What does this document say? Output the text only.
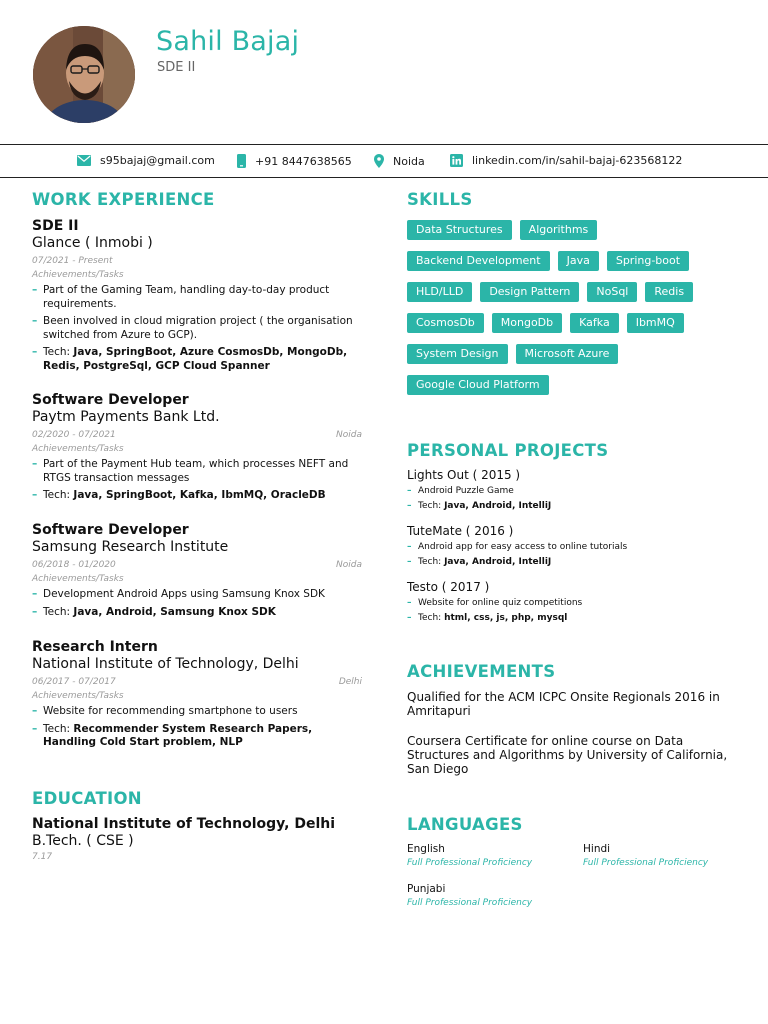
Sahil Bajaj
SDE II
s95bajaj@gmail.com	+91 8447638565	Noida	linkedin.com/in/sahil-bajaj-623568122
WORK EXPERIENCE
SDE II
Glance ( Inmobi )
07/2021 - Present
Achievements/Tasks
– Part of the Gaming Team, handling day-to-day product requirements.
– Been involved in cloud migration project ( the organisation switched from Azure to GCP).
– Tech: Java, SpringBoot, Azure CosmosDb, MongoDb, Redis, PostgreSql, GCP Cloud Spanner
Software Developer
Paytm Payments Bank Ltd.
02/2020 - 07/2021	Noida
Achievements/Tasks
– Part of the Payment Hub team, which processes NEFT and RTGS transaction messages
– Tech: Java, SpringBoot, Kafka, IbmMQ, OracleDB
Software Developer
Samsung Research Institute
06/2018 - 01/2020	Noida
Achievements/Tasks
– Development Android Apps using Samsung Knox SDK
– Tech: Java, Android, Samsung Knox SDK
Research Intern
National Institute of Technology, Delhi
06/2017 - 07/2017	Delhi
Achievements/Tasks
– Website for recommending smartphone to users
– Tech: Recommender System Research Papers, Handling Cold Start problem, NLP
EDUCATION
National Institute of Technology, Delhi
B.Tech. ( CSE )
7.17
SKILLS
Data Structures	Algorithms
Backend Development	Java	Spring-boot
HLD/LLD	Design Pattern	NoSql	Redis
CosmosDb	MongoDb	Kafka	IbmMQ
System Design	Microsoft Azure
Google Cloud Platform
PERSONAL PROJECTS
Lights Out ( 2015 )
– Android Puzzle Game
– Tech: Java, Android, IntelliJ
TuteMate ( 2016 )
– Android app for easy access to online tutorials
– Tech: Java, Android, IntelliJ
Testo ( 2017 )
– Website for online quiz competitions
– Tech: html, css, js, php, mysql
ACHIEVEMENTS
Qualified for the ACM ICPC Onsite Regionals 2016 in Amritapuri
Coursera Certificate for online course on Data Structures and Algorithms by University of California, San Diego
LANGUAGES
English
Full Professional Proficiency
Hindi
Full Professional Proficiency
Punjabi
Full Professional Proficiency
